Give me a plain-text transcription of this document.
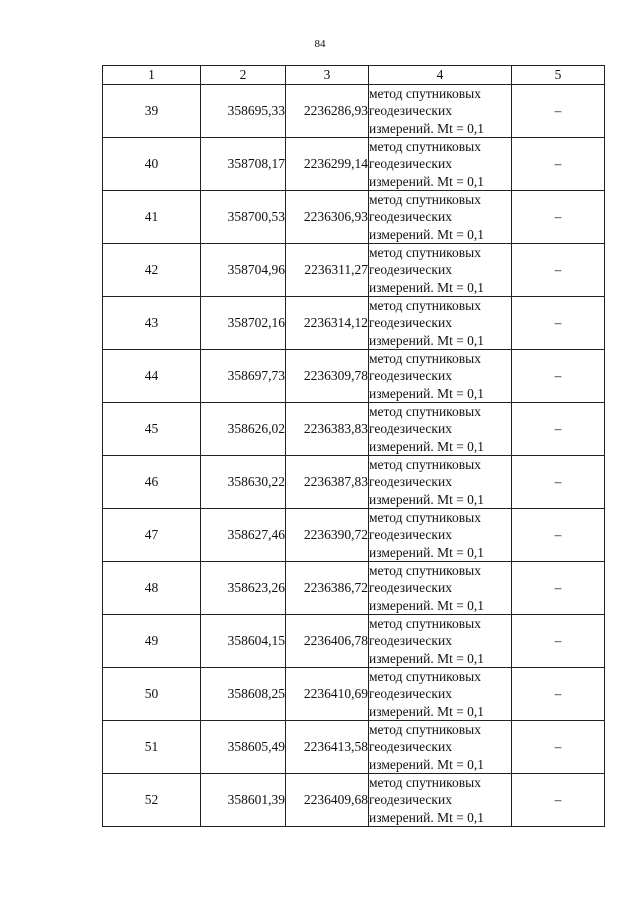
84
1	2	3	4	5
39	358695,33	2236286,93	метод спутниковых
геодезических
измерений. Mt = 0,1	–
40	358708,17	2236299,14	метод спутниковых
геодезических
измерений. Mt = 0,1	–
41	358700,53	2236306,93	метод спутниковых
геодезических
измерений. Mt = 0,1	–
42	358704,96	2236311,27	метод спутниковых
геодезических
измерений. Mt = 0,1	–
43	358702,16	2236314,12	метод спутниковых
геодезических
измерений. Mt = 0,1	–
44	358697,73	2236309,78	метод спутниковых
геодезических
измерений. Mt = 0,1	–
45	358626,02	2236383,83	метод спутниковых
геодезических
измерений. Mt = 0,1	–
46	358630,22	2236387,83	метод спутниковых
геодезических
измерений. Mt = 0,1	–
47	358627,46	2236390,72	метод спутниковых
геодезических
измерений. Mt = 0,1	–
48	358623,26	2236386,72	метод спутниковых
геодезических
измерений. Mt = 0,1	–
49	358604,15	2236406,78	метод спутниковых
геодезических
измерений. Mt = 0,1	–
50	358608,25	2236410,69	метод спутниковых
геодезических
измерений. Mt = 0,1	–
51	358605,49	2236413,58	метод спутниковых
геодезических
измерений. Mt = 0,1	–
52	358601,39	2236409,68	метод спутниковых
геодезических
измерений. Mt = 0,1	–
